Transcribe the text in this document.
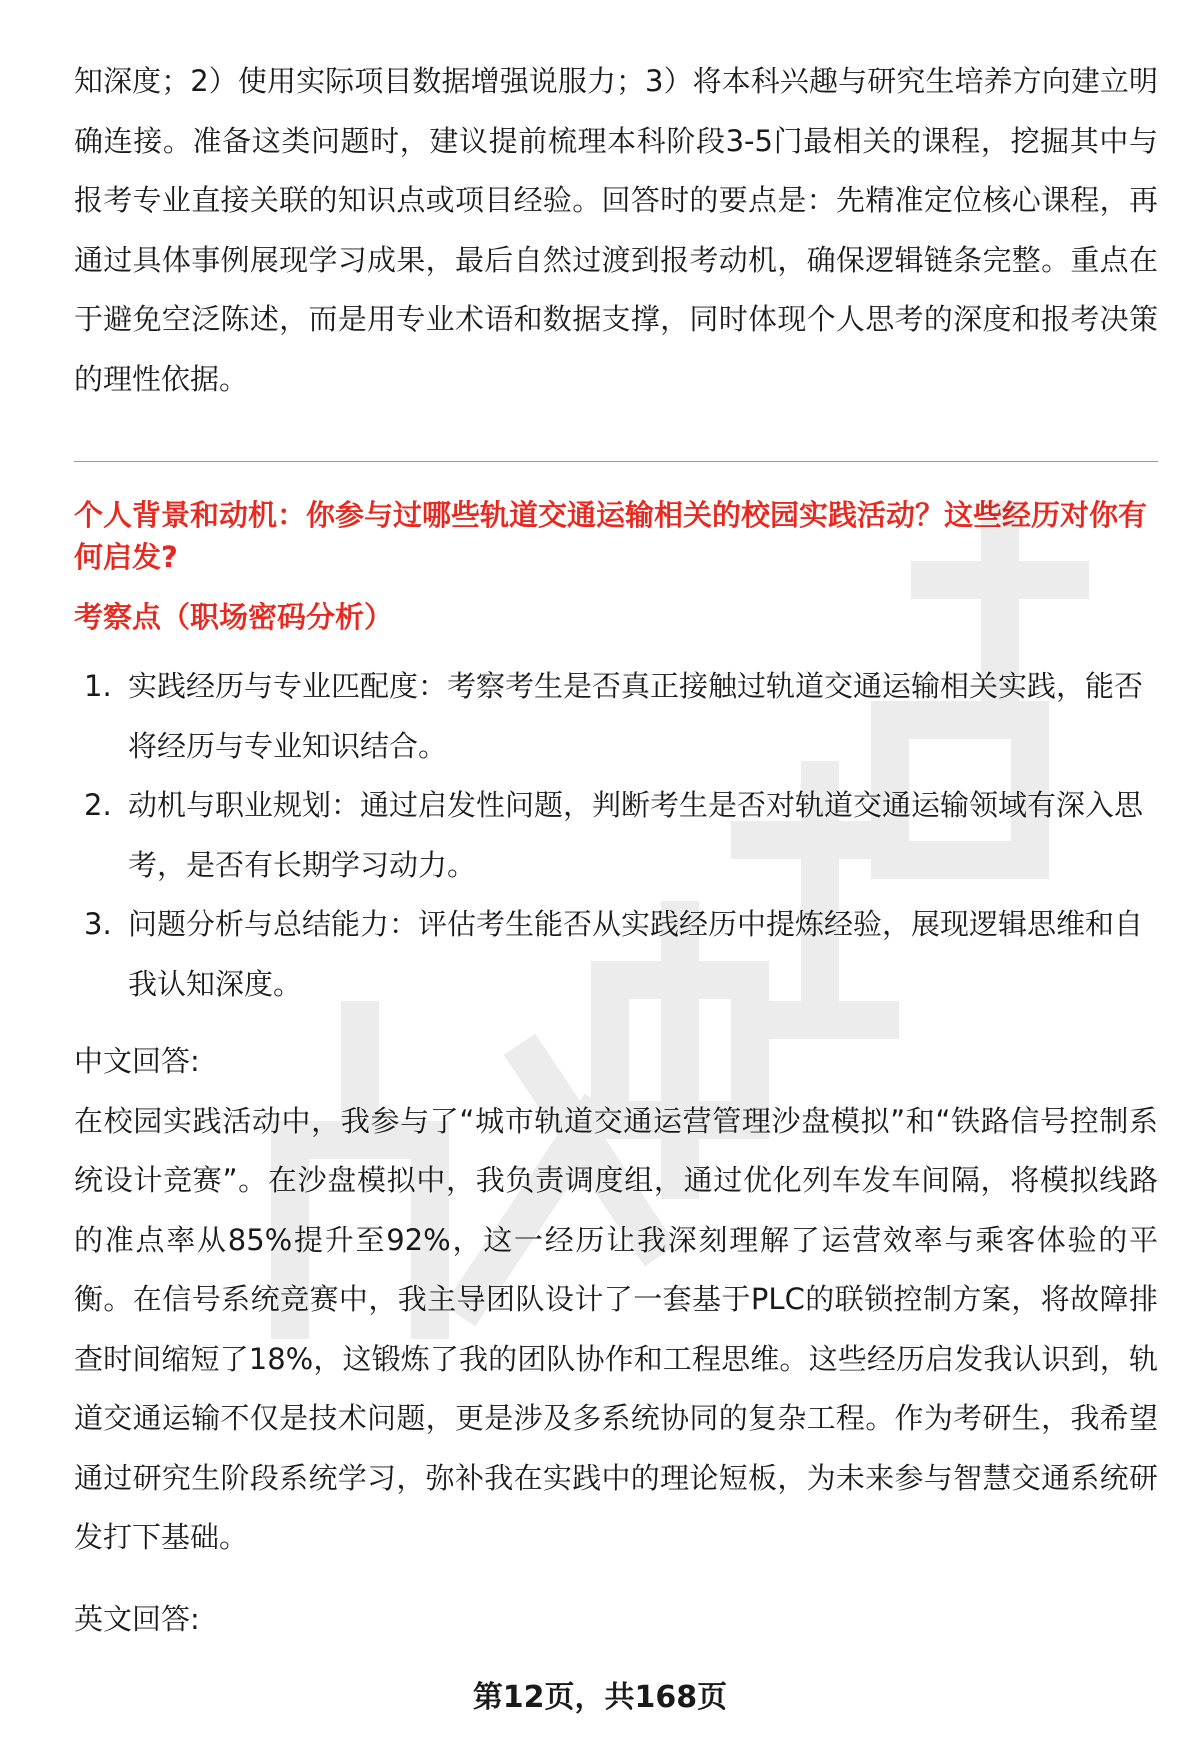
知深度；2）使用实际项目数据增强说服力；3）将本科兴趣与研究生培养方向建立明确连接。准备这类问题时，建议提前梳理本科阶段3-5门最相关的课程，挖掘其中与报考专业直接关联的知识点或项目经验。回答时的要点是：先精准定位核心课程，再通过具体事例展现学习成果，最后自然过渡到报考动机，确保逻辑链条完整。重点在于避免空泛陈述，而是用专业术语和数据支撑，同时体现个人思考的深度和报考决策的理性依据。

个人背景和动机：你参与过哪些轨道交通运输相关的校园实践活动？这些经历对你有何启发?
考察点（职场密码分析）
1. 实践经历与专业匹配度：考察考生是否真正接触过轨道交通运输相关实践，能否将经历与专业知识结合。
2. 动机与职业规划：通过启发性问题，判断考生是否对轨道交通运输领域有深入思考，是否有长期学习动力。
3. 问题分析与总结能力：评估考生能否从实践经历中提炼经验，展现逻辑思维和自我认知深度。
中文回答:

在校园实践活动中，我参与了“城市轨道交通运营管理沙盘模拟”和“铁路信号控制系统设计竞赛”。在沙盘模拟中，我负责调度组，通过优化列车发车间隔，将模拟线路的准点率从85%提升至92%，这一经历让我深刻理解了运营效率与乘客体验的平衡。在信号系统竞赛中，我主导团队设计了一套基于PLC的联锁控制方案，将故障排查时间缩短了18%，这锻炼了我的团队协作和工程思维。这些经历启发我认识到，轨道交通运输不仅是技术问题，更是涉及多系统协同的复杂工程。作为考研生，我希望通过研究生阶段系统学习，弥补我在实践中的理论短板，为未来参与智慧交通系统研发打下基础。

英文回答:
第12页，共168页
